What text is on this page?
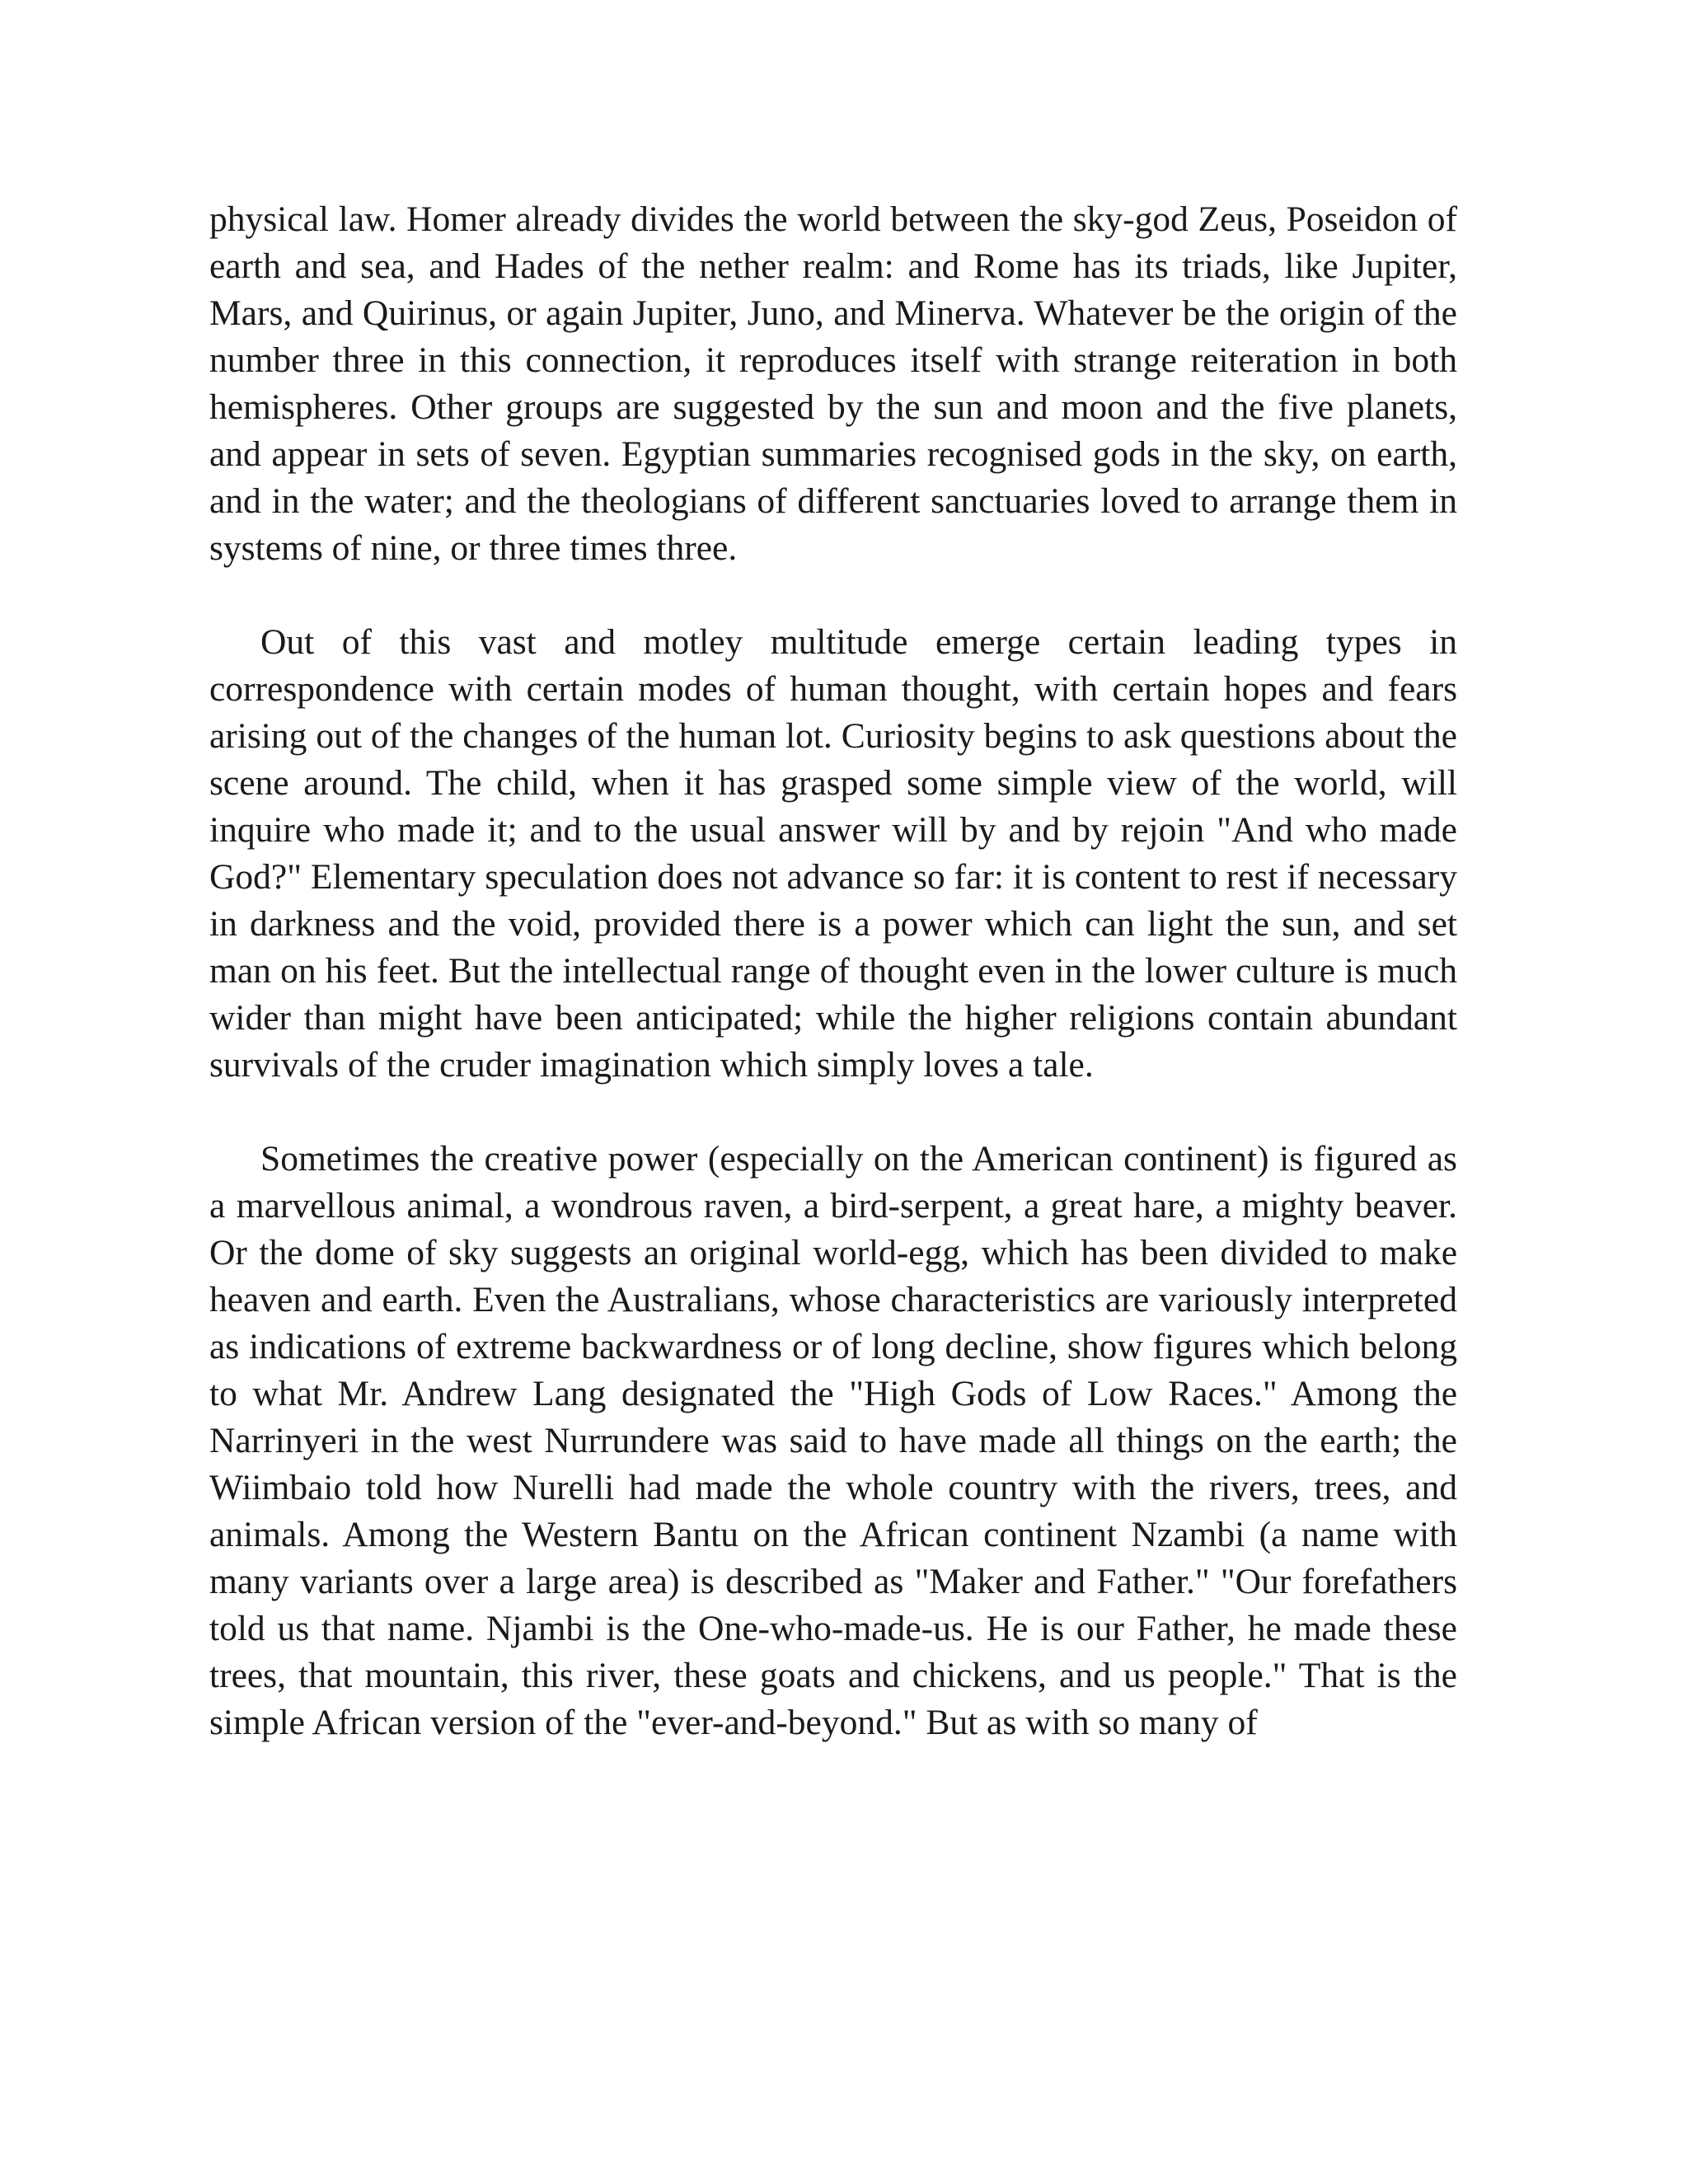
physical law. Homer already divides the world between the sky-god Zeus, Poseidon of earth and sea, and Hades of the nether realm: and Rome has its triads, like Jupiter, Mars, and Quirinus, or again Jupiter, Juno, and Minerva. Whatever be the origin of the number three in this connection, it reproduces itself with strange reiteration in both hemispheres. Other groups are suggested by the sun and moon and the five planets, and appear in sets of seven. Egyptian summaries recognised gods in the sky, on earth, and in the water; and the theologians of different sanctuaries loved to arrange them in systems of nine, or three times three.

Out of this vast and motley multitude emerge certain leading types in correspondence with certain modes of human thought, with certain hopes and fears arising out of the changes of the human lot. Curiosity begins to ask questions about the scene around. The child, when it has grasped some simple view of the world, will inquire who made it; and to the usual answer will by and by rejoin "And who made God?" Elementary speculation does not advance so far: it is content to rest if necessary in darkness and the void, provided there is a power which can light the sun, and set man on his feet. But the intellectual range of thought even in the lower culture is much wider than might have been anticipated; while the higher religions contain abundant survivals of the cruder imagination which simply loves a tale.

Sometimes the creative power (especially on the American continent) is figured as a marvellous animal, a wondrous raven, a bird-serpent, a great hare, a mighty beaver. Or the dome of sky suggests an original world-egg, which has been divided to make heaven and earth. Even the Australians, whose characteristics are variously interpreted as indications of extreme backwardness or of long decline, show figures which belong to what Mr. Andrew Lang designated the "High Gods of Low Races." Among the Narrinyeri in the west Nurrundere was said to have made all things on the earth; the Wiimbaio told how Nurelli had made the whole country with the rivers, trees, and animals. Among the Western Bantu on the African continent Nzambi (a name with many variants over a large area) is described as "Maker and Father." "Our forefathers told us that name. Njambi is the One-who-made-us. He is our Father, he made these trees, that mountain, this river, these goats and chickens, and us people." That is the simple African version of the "ever-and-beyond." But as with so many of
